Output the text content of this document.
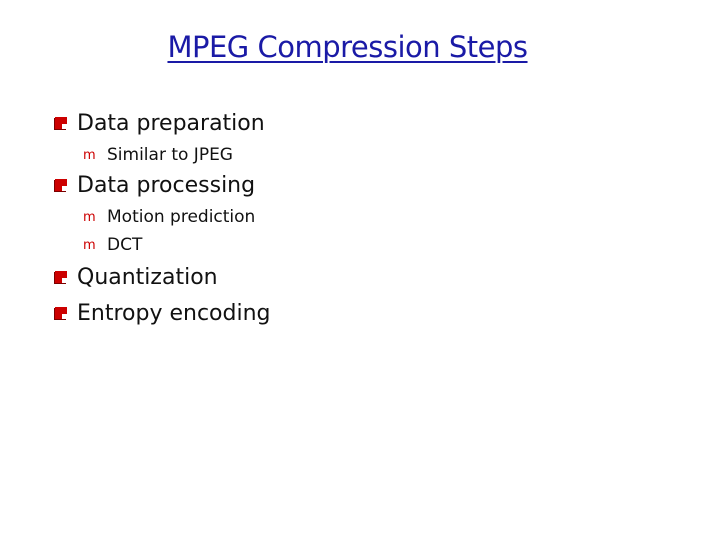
MPEG Compression Steps
Data preparation
m Similar to JPEG
Data processing
m Motion prediction
m DCT
Quantization
Entropy encoding
